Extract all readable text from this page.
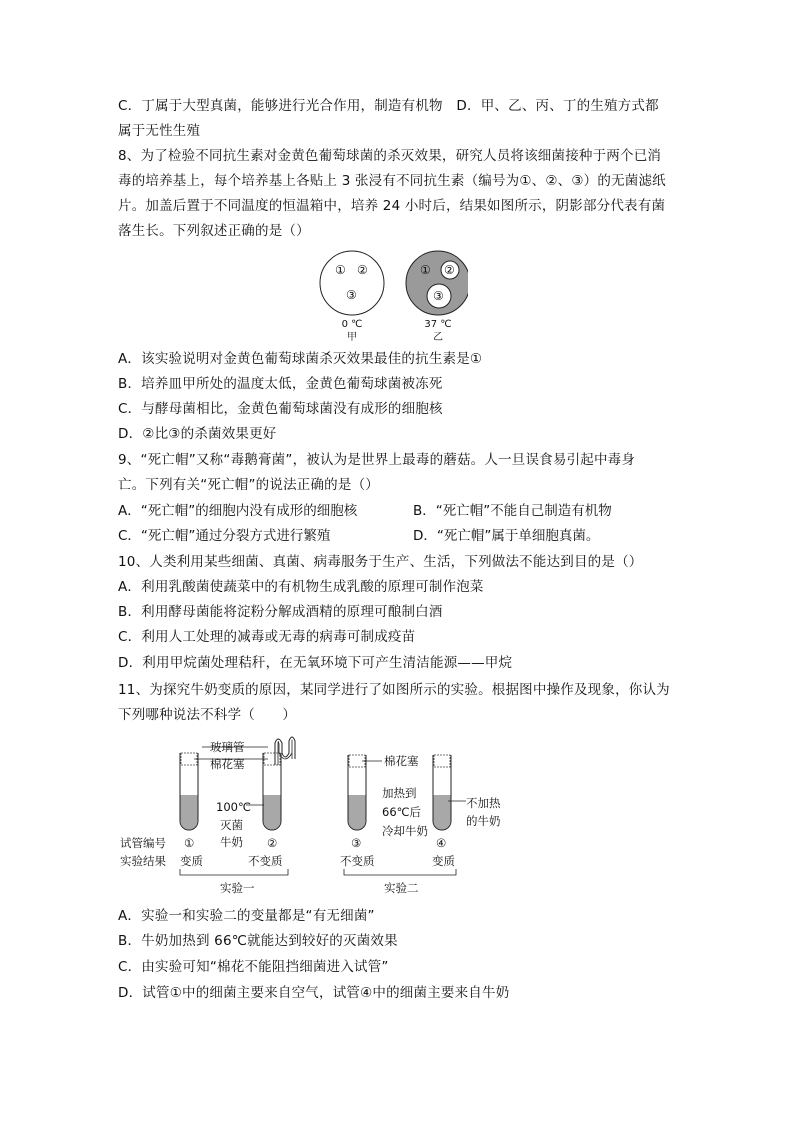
C．丁属于大型真菌，能够进行光合作用，制造有机物　D．甲、乙、丙、丁的生殖方式都
属于无性生殖
8、为了检验不同抗生素对金黄色葡萄球菌的杀灭效果，研究人员将该细菌接种于两个已消
毒的培养基上，每个培养基上各贴上 3 张浸有不同抗生素（编号为①、②、③）的无菌滤纸
片。加盖后置于不同温度的恒温箱中，培养 24 小时后，结果如图所示，阴影部分代表有菌
落生长。下列叙述正确的是（）
① ②
③
0 ℃
甲
① ②
③
37 ℃
乙
A．该实验说明对金黄色葡萄球菌杀灭效果最佳的抗生素是①
B．培养皿甲所处的温度太低，金黄色葡萄球菌被冻死
C．与酵母菌相比，金黄色葡萄球菌没有成形的细胞核
D．②比③的杀菌效果更好
9、“死亡帽”又称“毒鹅膏菌”，被认为是世界上最毒的蘑菇。人一旦误食易引起中毒身
亡。下列有关“死亡帽”的说法正确的是（）
A．“死亡帽”的细胞内没有成形的细胞核	B．“死亡帽”不能自己制造有机物
C．“死亡帽”通过分裂方式进行繁殖	D．“死亡帽”属于单细胞真菌。
10、人类利用某些细菌、真菌、病毒服务于生产、生活，下列做法不能达到目的是（）
A．利用乳酸菌使蔬菜中的有机物生成乳酸的原理可制作泡菜
B．利用酵母菌能将淀粉分解成酒精的原理可酿制白酒
C．利用人工处理的减毒或无毒的病毒可制成疫苗
D．利用甲烷菌处理秸秆，在无氧环境下可产生清洁能源——甲烷
11、为探究牛奶变质的原因，某同学进行了如图所示的实验。根据图中操作及现象，你认为
下列哪种说法不科学（　　）
玻璃管
棉花塞
100℃
灭菌
牛奶
试管编号
实验结果
①	②
变质	不变质
实验一
棉花塞
加热到
66℃后
冷却牛奶
不加热
的牛奶
③	④
不变质	变质
实验二
A．实验一和实验二的变量都是“有无细菌”
B．牛奶加热到 66℃就能达到较好的灭菌效果
C．由实验可知“棉花不能阻挡细菌进入试管”
D．试管①中的细菌主要来自空气，试管④中的细菌主要来自牛奶
